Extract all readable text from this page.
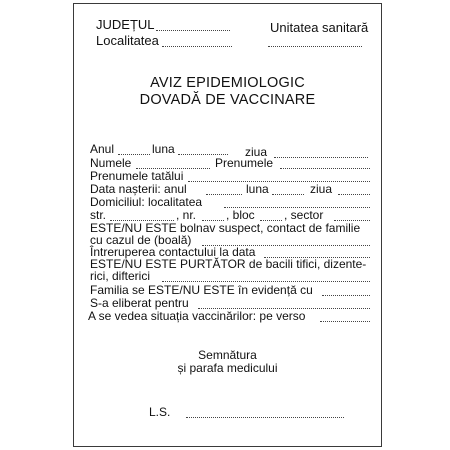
JUDEȚUL
Localitatea
Unitatea sanitară
AVIZ EPIDEMIOLOGIC
DOVADĂ DE VACCINARE
Anul	luna	ziua
Numele	Prenumele
Prenumele tatălui
Data nașterii: anul	luna	ziua
Domiciliul: localitatea
str.	, nr. , bloc , sector
ESTE/NU ESTE bolnav suspect, contact de familie
cu cazul de (boală)
Întreruperea contactului la data
ESTE/NU ESTE PURTĂTOR de bacili tifici, dizente-
rici, difterici
Familia se ESTE/NU ESTE în evidență cu
S-a eliberat pentru
A se vedea situația vaccinărilor: pe verso
Semnătura
și parafa medicului
L.S.
